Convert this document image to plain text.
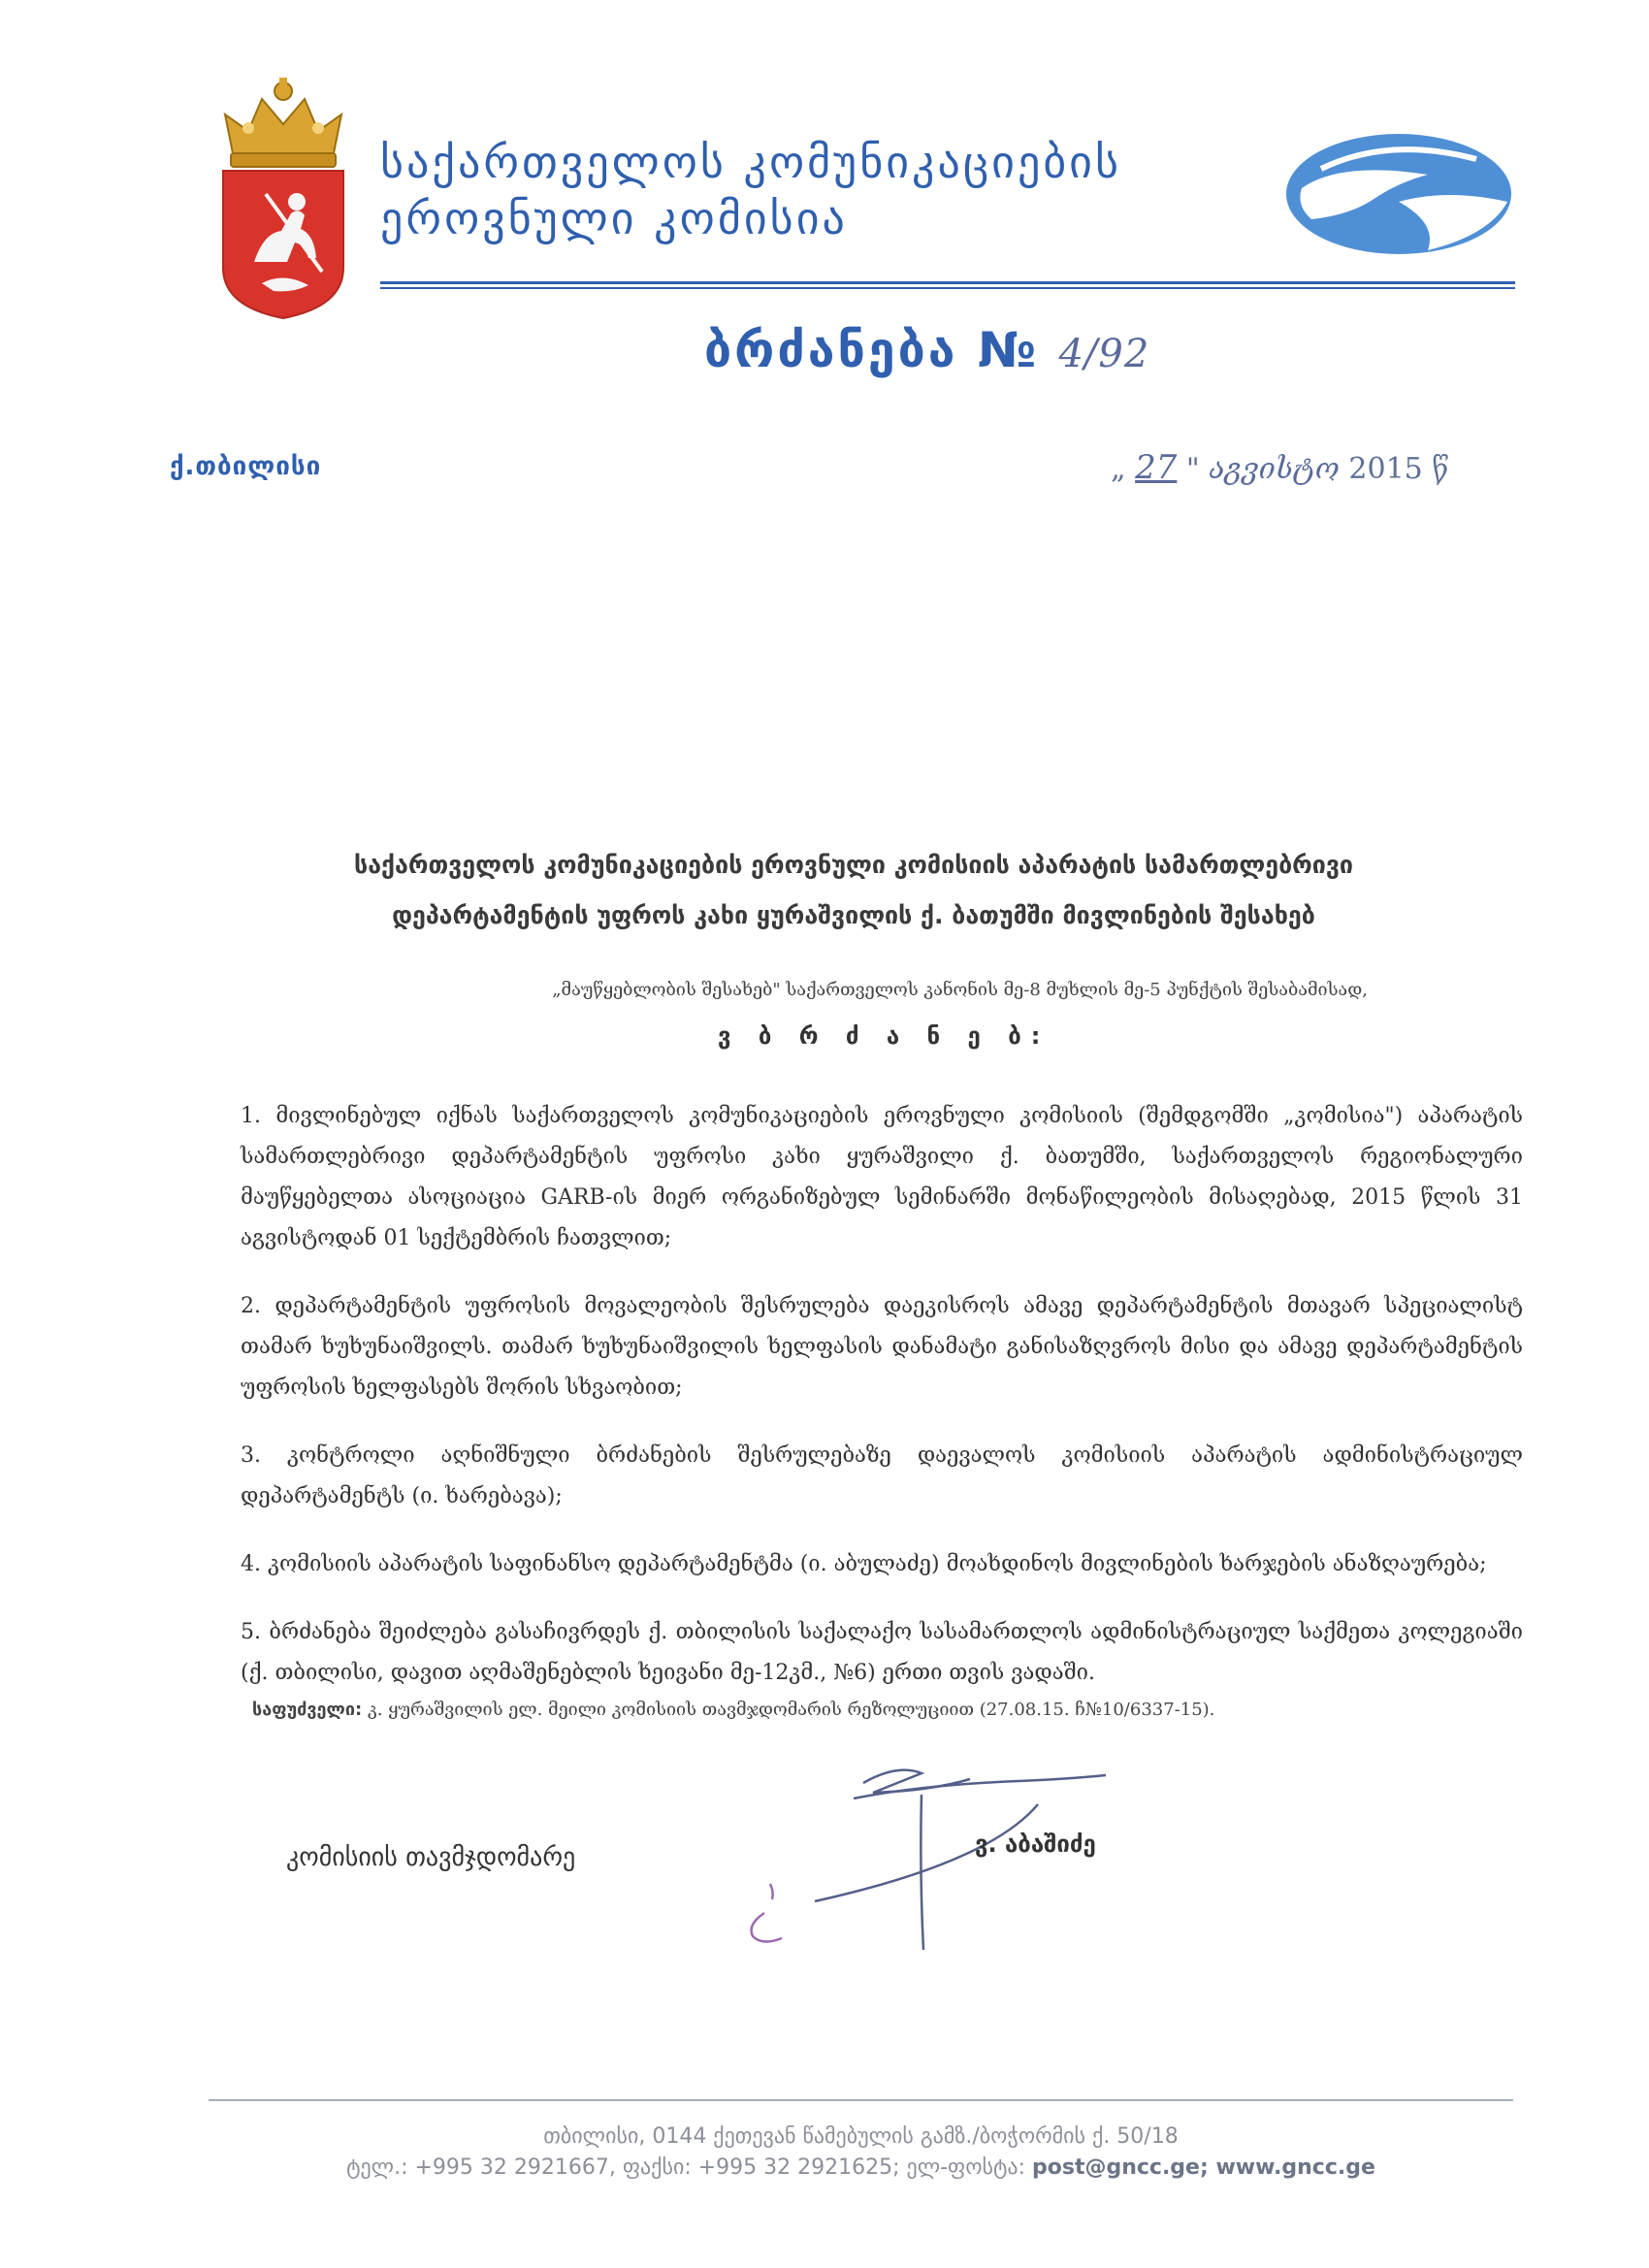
საქართველოს კომუნიკაციების
ეროვნული კომისია
ბრძანება № 4/92
ქ.თბილისი	„ 27 " აგვისტო 2015 წ
საქართველოს კომუნიკაციების ეროვნული კომისიის აპარატის სამართლებრივი
დეპარტამენტის უფროს კახი ყურაშვილის ქ. ბათუმში მივლინების შესახებ
„მაუწყებლობის შესახებ" საქართველოს კანონის მე-8 მუხლის მე-5 პუნქტის შესაბამისად,
ვ ბ რ ძ ა ნ ე ბ:

1. მივლინებულ იქნას საქართველოს კომუნიკაციების ეროვნული კომისიის (შემდგომში „კომისია") აპარატის სამართლებრივი დეპარტამენტის უფროსი კახი ყურაშვილი ქ. ბათუმში, საქართველოს რეგიონალური მაუწყებელთა ასოციაცია GARB-ის მიერ ორგანიზებულ სემინარში მონაწილეობის მისაღებად, 2015 წლის 31 აგვისტოდან 01 სექტემბრის ჩათვლით;

2. დეპარტამენტის უფროსის მოვალეობის შესრულება დაეკისროს ამავე დეპარტამენტის მთავარ სპეციალისტ თამარ ხუხუნაიშვილს. თამარ ხუხუნაიშვილის ხელფასის დანამატი განისაზღვროს მისი და ამავე დეპარტამენტის უფროსის ხელფასებს შორის სხვაობით;

3. კონტროლი აღნიშნული ბრძანების შესრულებაზე დაევალოს კომისიის აპარატის ადმინისტრაციულ დეპარტამენტს (ი. ხარებავა);

4. კომისიის აპარატის საფინანსო დეპარტამენტმა (ი. აბულაძე) მოახდინოს მივლინების ხარჯების ანაზღაურება;

5. ბრძანება შეიძლება გასაჩივრდეს ქ. თბილისის საქალაქო სასამართლოს ადმინისტრაციულ საქმეთა კოლეგიაში (ქ. თბილისი, დავით აღმაშენებლის ხეივანი მე-12კმ., №6) ერთი თვის ვადაში.

საფუძველი: კ. ყურაშვილის ელ. მეილი კომისიის თავმჯდომარის რეზოლუციით (27.08.15. ჩ№10/6337-15).
კომისიის თავმჯდომარე	ვ. აბაშიძე
თბილისი, 0144 ქეთევან წამებულის გამზ./ბოჭორმის ქ. 50/18
ტელ.: +995 32 2921667, ფაქსი: +995 32 2921625; ელ-ფოსტა: post@gncc.ge; www.gncc.ge
